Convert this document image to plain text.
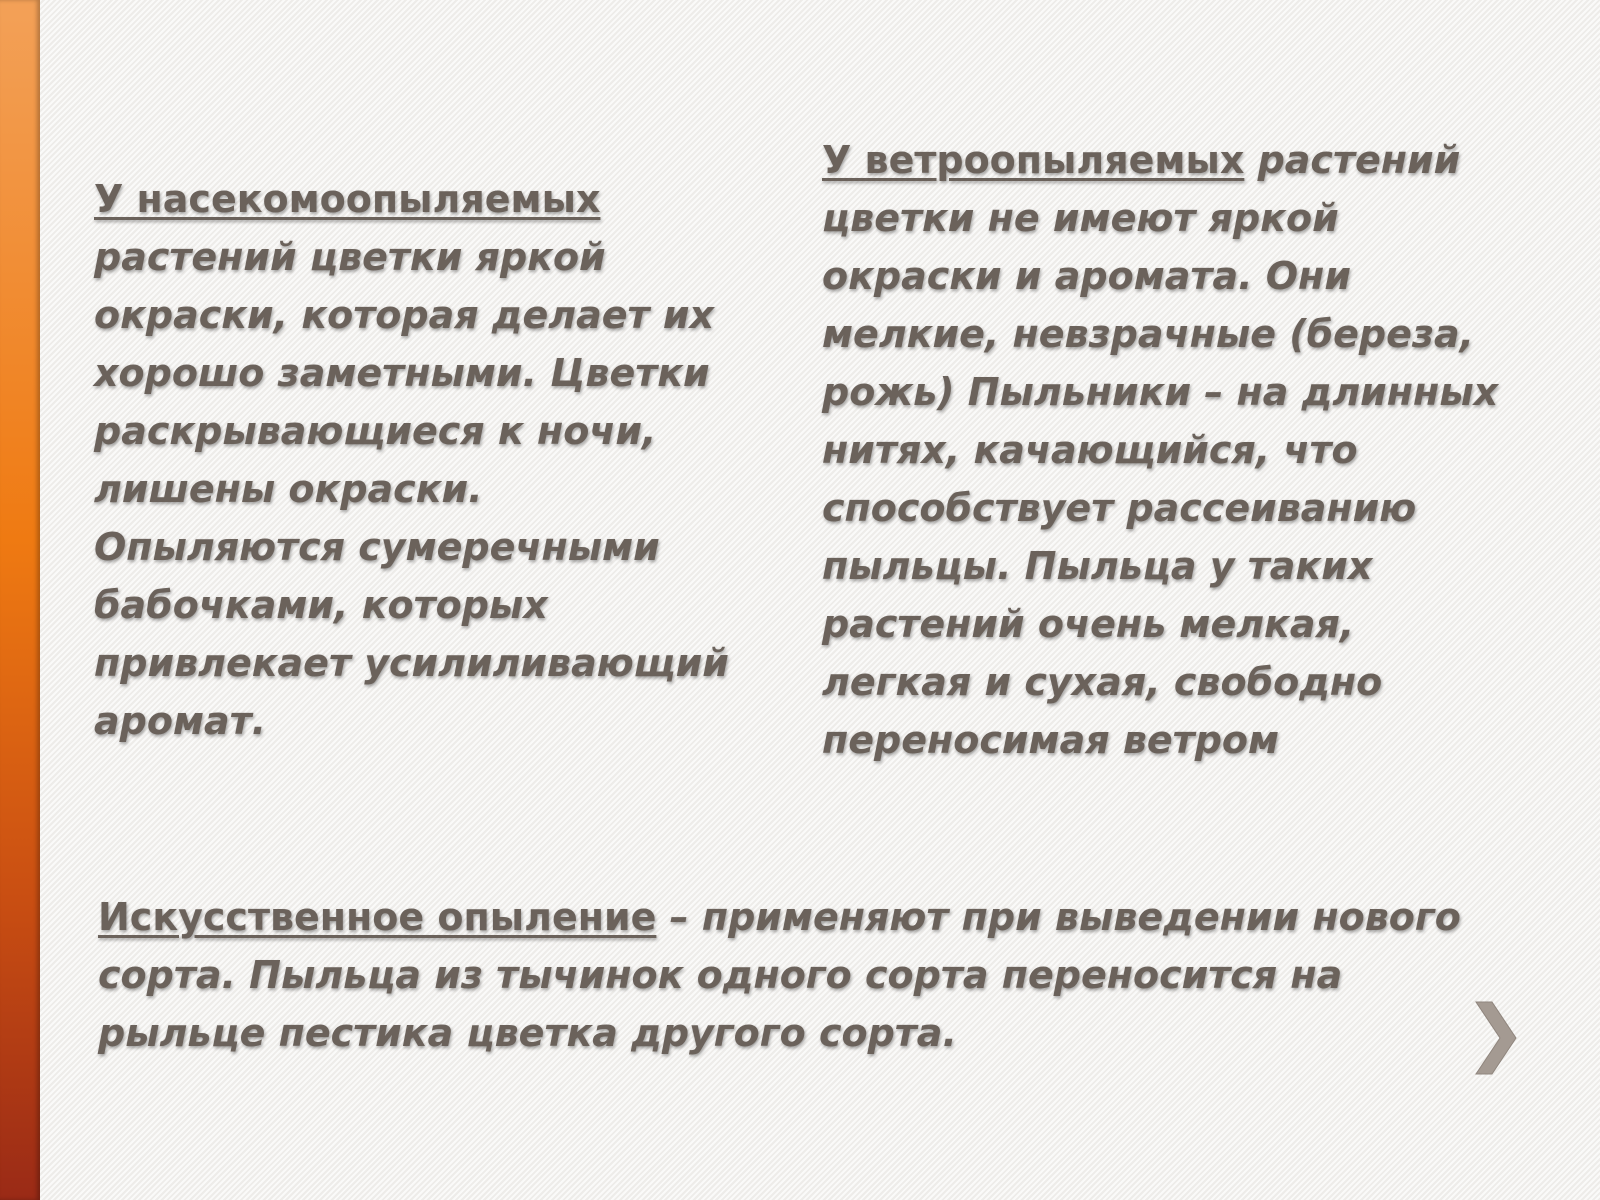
У насекомоопыляемых
растений цветки яркой окраски, которая делает их хорошо заметными. Цветки раскрывающиеся к ночи, лишены окраски. Опыляются сумеречными бабочками, которых привлекает усилиливающий аромат.

У ветроопыляемых растений цветки не имеют яркой окраски и аромата. Они мелкие, невзрачные (береза, рожь) Пыльники – на длинных нитях, качающийся, что способствует рассеиванию пыльцы. Пыльца у таких растений очень мелкая, легкая и сухая, свободно переносимая ветром

Искусственное опыление – применяют при выведении нового сорта. Пыльца из тычинок одного сорта переносится на рыльце пестика цветка другого сорта.
